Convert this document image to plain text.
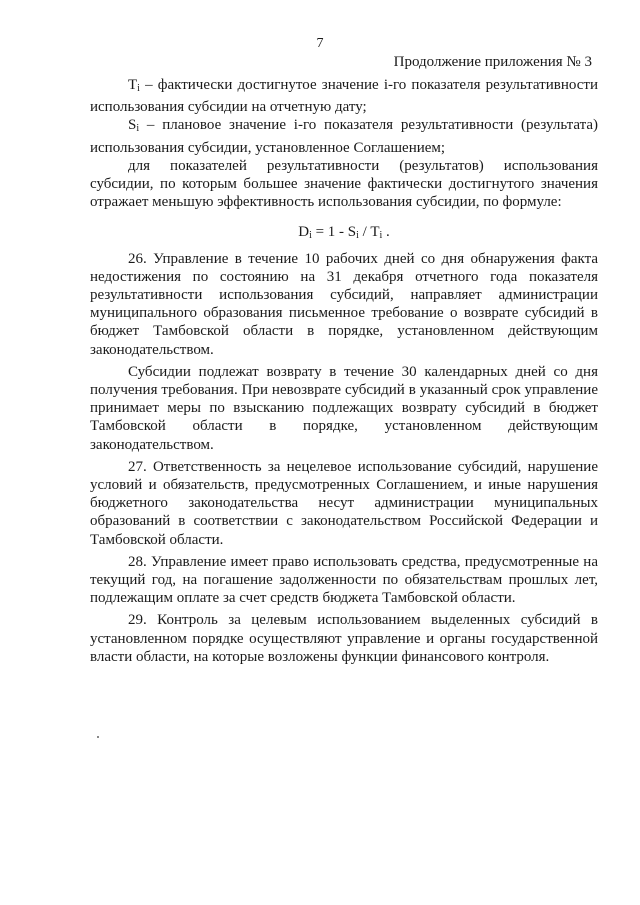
7
Продолжение приложения № 3

$T_i$ – фактически достигнутое значение i-го показателя результативности использования субсидии на отчетную дату;

$S_i$ – плановое значение i-го показателя результативности (результата) использования субсидии, установленное Соглашением;

для показателей результативности (результатов) использования субсидии, по которым большее значение фактически достигнутого значения отражает меньшую эффективность использования субсидии, по формуле:

$D_i = 1 - S_i / T_i$ .

26. Управление в течение 10 рабочих дней со дня обнаружения факта недостижения по состоянию на 31 декабря отчетного года показателя результативности использования субсидий, направляет администрации муниципального образования письменное требование о возврате субсидий в бюджет Тамбовской области в порядке, установленном действующим законодательством.

Субсидии подлежат возврату в течение 30 календарных дней со дня получения требования. При невозврате субсидий в указанный срок управление принимает меры по взысканию подлежащих возврату субсидий в бюджет Тамбовской области в порядке, установленном действующим законодательством.

27. Ответственность за нецелевое использование субсидий, нарушение условий и обязательств, предусмотренных Соглашением, и иные нарушения бюджетного законодательства несут администрации муниципальных образований в соответствии с законодательством Российской Федерации и Тамбовской области.

28. Управление имеет право использовать средства, предусмотренные на текущий год, на погашение задолженности по обязательствам прошлых лет, подлежащим оплате за счет средств бюджета Тамбовской области.

29. Контроль за целевым использованием выделенных субсидий в установленном порядке осуществляют управление и органы государственной власти области, на которые возложены функции финансового контроля.
